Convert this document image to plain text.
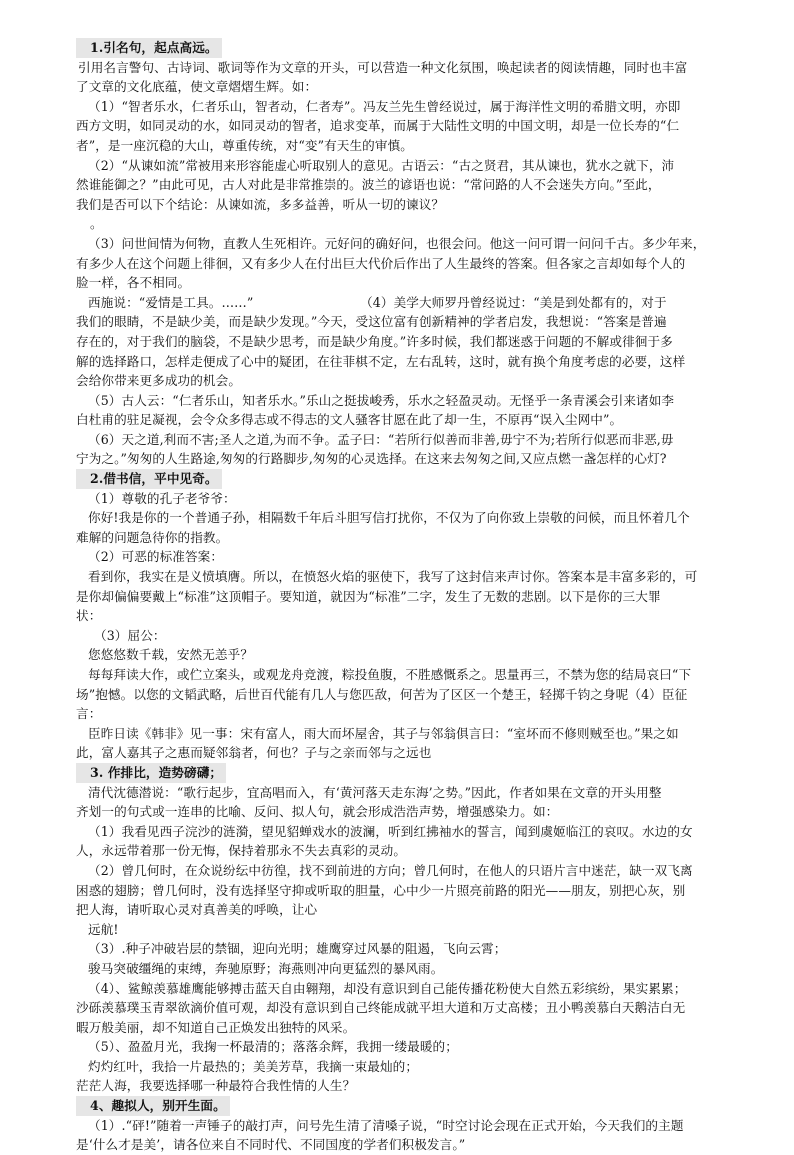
1.引名句，起点高远。
引用名言警句、古诗词、歌词等作为文章的开头，可以营造一种文化氛围，唤起读者的阅读情趣，同时也丰富
了文章的文化底蕴，使文章熠熠生辉。如：
（1）“智者乐水，仁者乐山，智者动，仁者寿”。冯友兰先生曾经说过，属于海洋性文明的希腊文明，亦即
西方文明，如同灵动的水，如同灵动的智者，追求变革，而属于大陆性文明的中国文明，却是一位长寿的“仁
者”，是一座沉稳的大山，尊重传统，对“变”有天生的审慎。
（2）“从谏如流”常被用来形容能虚心听取别人的意见。古语云：“古之贤君，其从谏也，犹水之就下，沛
然谁能御之？”由此可见，古人对此是非常推崇的。波兰的谚语也说：“常问路的人不会迷失方向。”至此，
我们是否可以下个结论：从谏如流，多多益善，听从一切的谏议？
。
（3）问世间情为何物，直教人生死相许。元好问的确好问，也很会问。他这一问可谓一问问千古。多少年来，
有多少人在这个问题上徘徊，又有多少人在付出巨大代价后作出了人生最终的答案。但各家之言却如每个人的
脸一样，各不相同。
西施说：“爱情是工具。……”                          （4）美学大师罗丹曾经说过：“美是到处都有的，对于
我们的眼睛，不是缺少美，而是缺少发现。”今天，受这位富有创新精神的学者启发，我想说：“答案是普遍
存在的，对于我们的脑袋，不是缺少思考，而是缺少角度。”许多时候，我们都迷惑于问题的不解或徘徊于多
解的选择路口，怎样走便成了心中的疑团，在往菲棋不定，左右乱转，这时，就有换个角度考虑的必要，这样
会给你带来更多成功的机会。
（5）古人云：“仁者乐山，知者乐水。”乐山之挺拔峻秀，乐水之轻盈灵动。无怪乎一条青溪会引来诸如李
白杜甫的驻足凝视，会令众多得志或不得志的文人骚客甘愿在此了却一生，不原再“误入尘网中”。
（6）天之道,利而不害;圣人之道,为而不争。孟子曰：“若所行似善而非善,毋宁不为;若所行似恶而非恶,毋
宁为之。”匆匆的人生路途,匆匆的行路脚步,匆匆的心灵选择。在这来去匆匆之间,又应点燃一盏怎样的心灯?
2.借书信，平中见奇。
（1）尊敬的孔子老爷爷：
你好!我是你的一个普通子孙，相隔数千年后斗胆写信打扰你，不仅为了向你致上崇敬的问候，而且怀着几个
难解的问题急待你的指教。
（2）可恶的标准答案：
看到你，我实在是义愤填膺。所以，在愤怒火焰的驱使下，我写了这封信来声讨你。答案本是丰富多彩的，可
是你却偏偏要戴上“标准”这顶帽子。要知道，就因为“标准”二字，发生了无数的悲剧。以下是你的三大罪
状：
（3）屈公：
您悠悠数千载，安然无恙乎？
每每拜读大作，或伫立案头，或观龙舟竞渡，粽投鱼腹，不胜感慨系之。思量再三，不禁为您的结局哀曰“下
场”抱憾。以您的文韬武略，后世百代能有几人与您匹敌，何苦为了区区一个楚王，轻掷千钧之身呢（4）臣征
言：
臣昨日读《韩非》见一事：宋有富人，雨大而坏屋舍，其子与邻翁俱言曰：“室坏而不修则贼至也。”果之如
此，富人嘉其子之惠而疑邻翁者，何也？子与之亲而邻与之远也
3. 作排比，造势磅礴；
清代沈德潜说：“歌行起步，宜高唱而入，有‘黄河落天走东海’之势。”因此，作者如果在文章的开头用整
齐划一的句式或一连串的比喻、反问、拟人句，就会形成浩浩声势，增强感染力。如：
（1）我看见西子浣沙的涟漪，望见貂蝉戏水的波澜，听到红拂袖水的誓言，闻到虞姬临江的哀叹。水边的女
人，永远带着那一份无悔，保持着那永不失去真彩的灵动。
（2）曾几何时，在众说纷纭中彷徨，找不到前进的方向；曾几何时，在他人的只语片言中迷茫，缺一双飞离
困惑的翅膀；曾几何时，没有选择坚守抑或听取的胆量，心中少一片照亮前路的阳光——朋友，别把心灰，别
把人海，请听取心灵对真善美的呼唤，让心
远航!
（3）.种子冲破岩层的禁锢，迎向光明；雄鹰穿过风暴的阻遏，飞向云霄；
骏马突破缰绳的束缚，奔驰原野；海燕则冲向更猛烈的暴风雨。
（4）、鲨鲸羡慕雄鹰能够搏击蓝天自由翱翔，却没有意识到自己能传播花粉使大自然五彩缤纷，果实累累；
沙砾羡慕璞玉青翠欲滴价值可观，却没有意识到自己终能成就平坦大道和万丈高楼；丑小鸭羡慕白天鹅洁白无
暇万般美丽，却不知道自己正焕发出独特的风采。
（5）、盈盈月光，我掬一杯最清的；落落余辉，我拥一缕最暖的；
灼灼红叶，我拾一片最热的；美美芳草，我摘一束最灿的；
茫茫人海，我要选择哪一种最符合我性情的人生？
4、趣拟人，别开生面。
（1）.“砰!”随着一声锤子的敲打声，问号先生清了清嗓子说，“时空讨论会现在正式开始，今天我们的主题
是‘什么才是美’，请各位来自不同时代、不同国度的学者们积极发言。”
